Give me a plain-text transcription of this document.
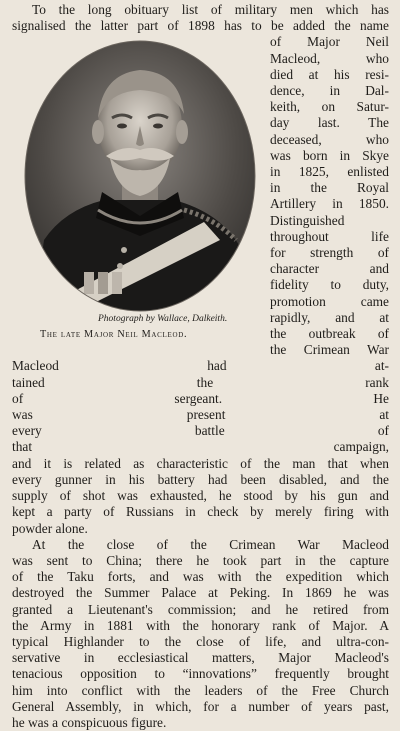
To the long obituary list of military men which has
signalised the latter part of 1898 has to be added the name
Photograph by Wallace, Dalkeith.
The late Major Neil Macleod.
of Major Neil
Macleod, who
died at his resi-
dence, in Dal-
keith, on Satur-
day last. The
deceased, who
was born in Skye
in 1825, enlisted
in the Royal
Artillery in 1850.
Distinguished
throughout life
for strength of
character and
fidelity to duty,
promotion came
rapidly, and at
the outbreak of
the Crimean War
Macleod had at-
tained the rank
of sergeant. He
was present at
every battle of
that campaign,
and it is related as characteristic of the man that when
every gunner in his battery had been disabled, and the
supply of shot was exhausted, he stood by his gun and
kept a party of Russians in check by merely firing with
powder alone.
At the close of the Crimean War Macleod
was sent to China; there he took part in the capture
of the Taku forts, and was with the expedition which
destroyed the Summer Palace at Peking. In 1869 he was
granted a Lieutenant's commission; and he retired from
the Army in 1881 with the honorary rank of Major. A
typical Highlander to the close of life, and ultra-con-
servative in ecclesiastical matters, Major Macleod's
tenacious opposition to “innovations” frequently brought
him into conflict with the leaders of the Free Church
General Assembly, in which, for a number of years past,
he was a conspicuous figure.
